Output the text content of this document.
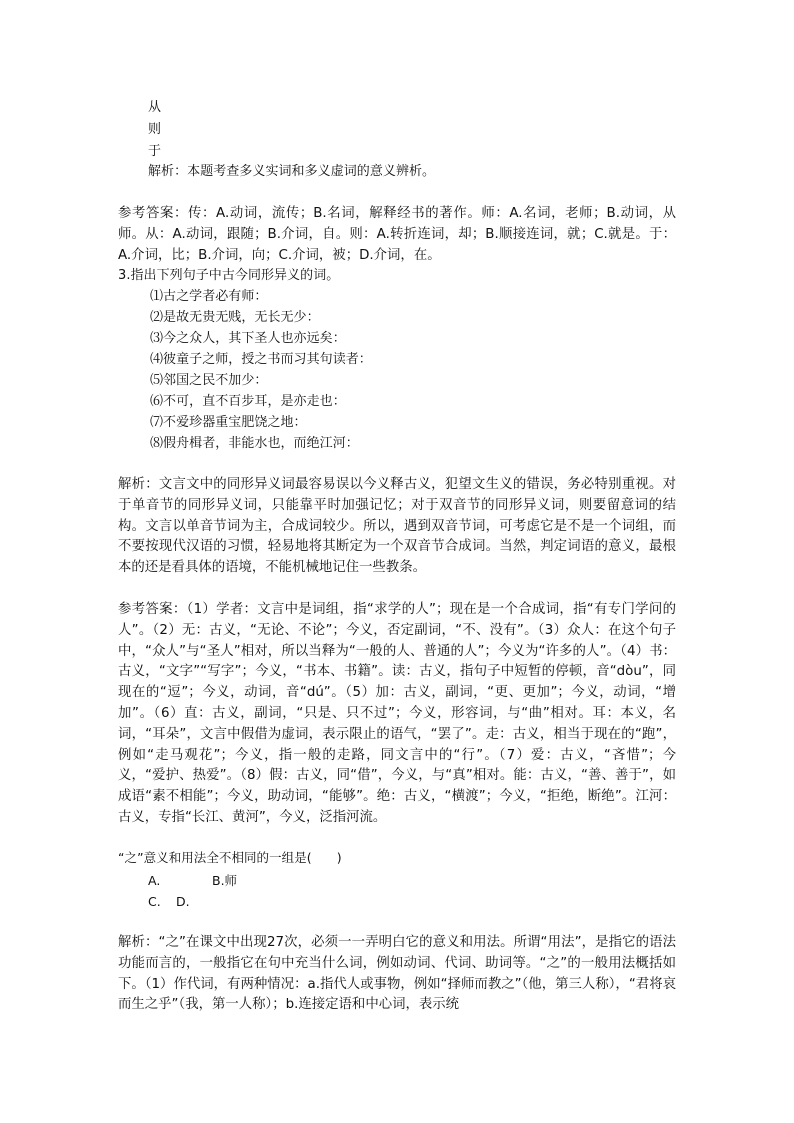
从
则
于
解析：本题考查多义实词和多义虚词的意义辨析。
参考答案：传：A.动词，流传；B.名词，解释经书的著作。师：A.名词，老师；B.动词，从师。从：A.动词，跟随；B.介词，自。则：A.转折连词，却；B.顺接连词，就；C.就是。于：A.介词，比；B.介词，向；C.介词，被；D.介词，在。
3.指出下列句子中古今同形异义的词。
⑴古之学者必有师：
⑵是故无贵无贱，无长无少：
⑶今之众人，其下圣人也亦远矣：
⑷彼童子之师，授之书而习其句读者：
⑸邻国之民不加少：
⑹不可，直不百步耳，是亦走也：
⑺不爱珍器重宝肥饶之地：
⑻假舟楫者，非能水也，而绝江河：
解析：文言文中的同形异义词最容易误以今义释古义，犯望文生义的错误，务必特别重视。对于单音节的同形异义词，只能靠平时加强记忆；对于双音节的同形异义词，则要留意词的结构。文言以单音节词为主，合成词较少。所以，遇到双音节词，可考虑它是不是一个词组，而不要按现代汉语的习惯，轻易地将其断定为一个双音节合成词。当然，判定词语的意义，最根本的还是看具体的语境，不能机械地记住一些教条。
参考答案：（1）学者：文言中是词组，指“求学的人”；现在是一个合成词，指“有专门学问的人”。（2）无：古义，“无论、不论”；今义，否定副词，“不、没有”。（3）众人：在这个句子中，“众人”与“圣人”相对，所以当释为“一般的人、普通的人”；今义为“许多的人”。（4）书：古义，“文字”“写字”；今义，“书本、书籍”。读：古义，指句子中短暂的停顿，音“dòu”，同现在的“逗”；今义，动词，音“dú”。（5）加：古义，副词，“更、更加”；今义，动词，“增加”。（6）直：古义，副词，“只是、只不过”；今义，形容词，与“曲”相对。耳：本义，名词，“耳朵”，文言中假借为虚词，表示限止的语气，“罢了”。走：古义，相当于现在的“跑”，例如“走马观花”；今义，指一般的走路，同文言中的“行”。（7）爱：古义，“吝惜”；今义，“爱护、热爱”。（8）假：古义，同“借”，今义，与“真”相对。能：古义，“善、善于”，如成语“素不相能”；今义，助动词，“能够”。绝：古义，“横渡”；今义，“拒绝，断绝”。江河：古义，专指“长江、黄河”，今义，泛指河流。
“之”意义和用法全不相同的一组是(　　)
A.	B.师
C. D.
解析：“之”在课文中出现27次，必须一一弄明白它的意义和用法。所谓“用法”，是指它的语法功能而言的，一般指它在句中充当什么词，例如动词、代词、助词等。“之”的一般用法概括如下。（1）作代词，有两种情况：a.指代人或事物，例如“择师而教之”（他，第三人称），“君将哀而生之乎”（我，第一人称）；b.连接定语和中心词，表示统
